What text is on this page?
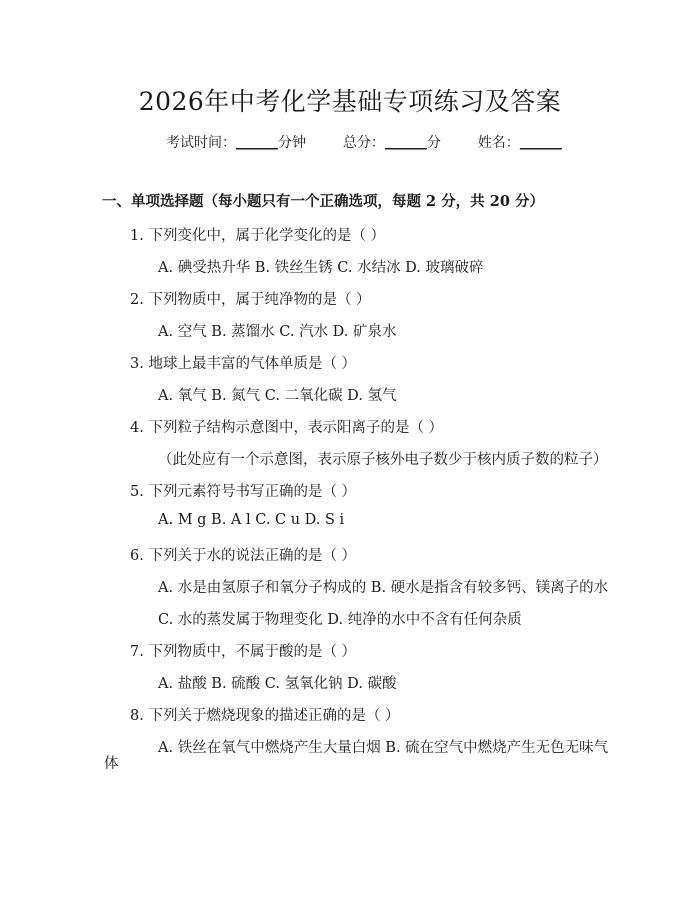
2026年中考化学基础专项练习及答案
考试时间：______分钟	总分：______分	姓名：______
一、单项选择题（每小题只有一个正确选项，每题 2 分，共 20 分）
1. 下列变化中，属于化学变化的是（ ）
A. 碘受热升华 B. 铁丝生锈 C. 水结冰 D. 玻璃破碎
2. 下列物质中，属于纯净物的是（ ）
A. 空气 B. 蒸馏水 C. 汽水 D. 矿泉水
3. 地球上最丰富的气体单质是（ ）
A. 氧气 B. 氮气 C. 二氧化碳 D. 氢气
4. 下列粒子结构示意图中，表示阳离子的是（ ）
（此处应有一个示意图，表示原子核外电子数少于核内质子数的粒子）
5. 下列元素符号书写正确的是（ ）
A. M g B. A l C. C u D. S i
6. 下列关于水的说法正确的是（ ）
A. 水是由氢原子和氧分子构成的 B. 硬水是指含有较多钙、镁离子的水
C. 水的蒸发属于物理变化 D. 纯净的水中不含有任何杂质
7. 下列物质中，不属于酸的是（ ）
A. 盐酸 B. 硫酸 C. 氢氧化钠 D. 碳酸
8. 下列关于燃烧现象的描述正确的是（ ）
A. 铁丝在氧气中燃烧产生大量白烟 B. 硫在空气中燃烧产生无色无味气
体
